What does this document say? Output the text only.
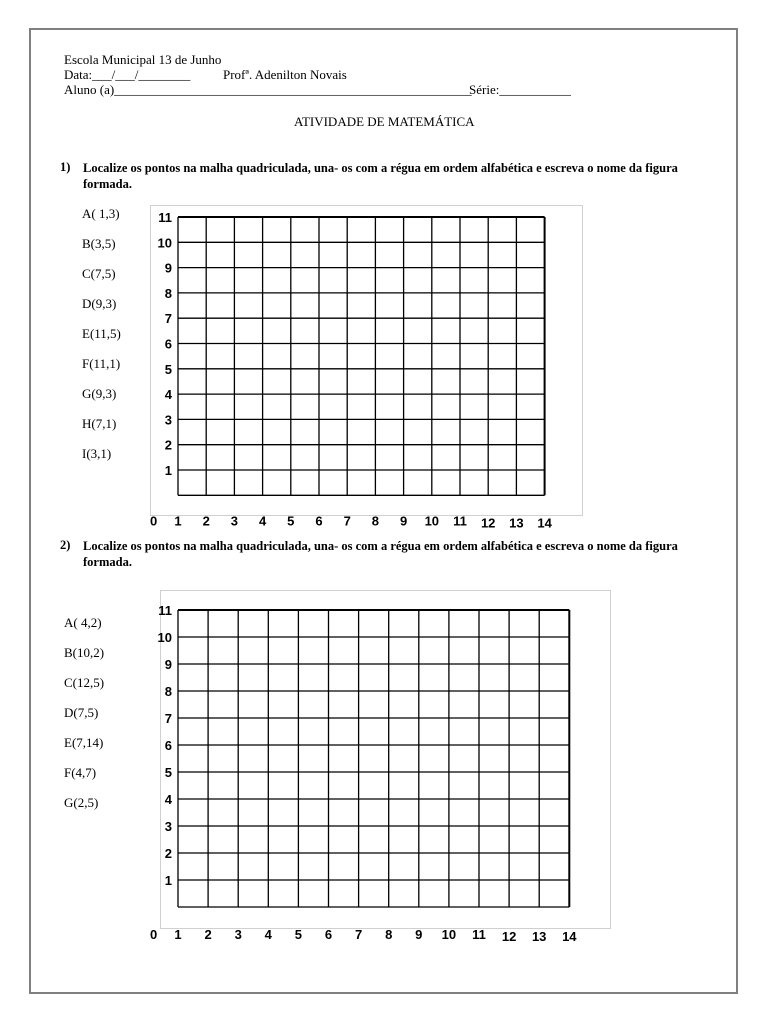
Escola Municipal 13 de Junho
Data:___/___/________	Profª. Adenilton Novais
Aluno (a)_______________________________________________________
Série:___________
ATIVIDADE DE MATEMÁTICA
1) Localize os pontos na malha quadriculada, una- os com a régua em ordem alfabética e escreva o nome da figura formada.
A( 1,3)
B(3,5)
C(7,5)
D(9,3)
E(11,5)
F(11,1)
G(9,3)
H(7,1)
I(3,1)
1
2
3
4
5
6
7
8
9
10
11
0 1 2 3 4 5 6 7 8 9 10 11 12 13 14
2) Localize os pontos na malha quadriculada, una- os com a régua em ordem alfabética e escreva o nome da figura formada.
A( 4,2)
B(10,2)
C(12,5)
D(7,5)
E(7,14)
F(4,7)
G(2,5)
1
2
3
4
5
6
7
8
9
10
11
0 1 2 3 4 5 6 7 8 9 10 11 12 13 14
